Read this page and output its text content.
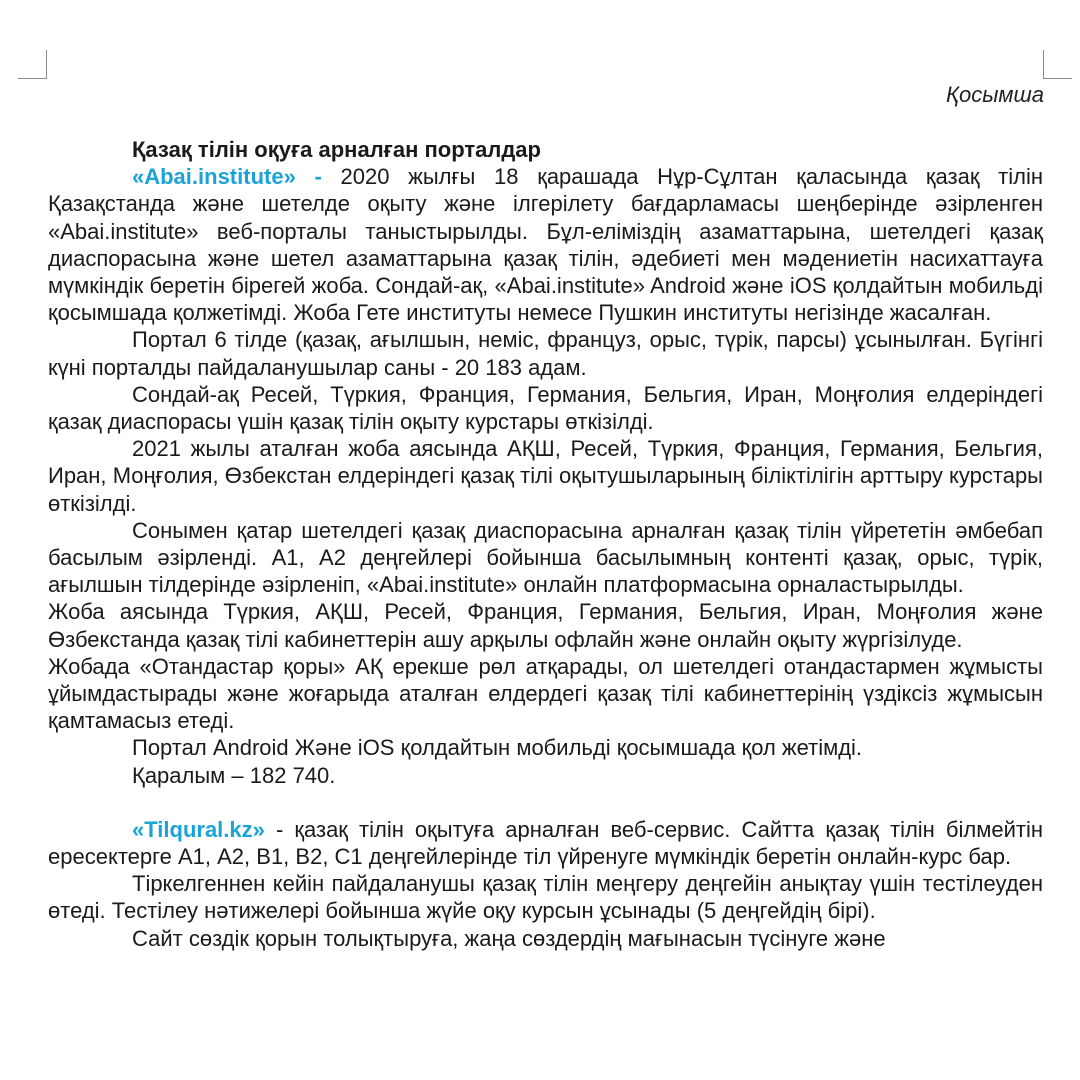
Қосымша
Қазақ тілін оқуға арналған порталдар

«Abai.institute» - 2020 жылғы 18 қарашада Нұр-Сұлтан қаласында қазақ тілін Қазақстанда және шетелде оқыту және ілгерілету бағдарламасы шеңберінде әзірленген «Abai.institute» веб-порталы таныстырылды. Бұл-еліміздің азаматтарына, шетелдегі қазақ диаспорасына және шетел азаматтарына қазақ тілін, әдебиеті мен мәдениетін насихаттауға мүмкіндік беретін бірегей жоба. Сондай-ақ, «Abai.institute» Android және iOS қолдайтын мобильді қосымшада қолжетімді. Жоба Гете институты немесе Пушкин институты негізінде жасалған.

Портал 6 тілде (қазақ, ағылшын, неміс, француз, орыс, түрік, парсы) ұсынылған. Бүгінгі күні порталды пайдаланушылар саны - 20 183 адам.

Сондай-ақ Ресей, Түркия, Франция, Германия, Бельгия, Иран, Моңғолия елдеріндегі қазақ диаспорасы үшін қазақ тілін оқыту курстары өткізілді.

2021 жылы аталған жоба аясында АҚШ, Ресей, Түркия, Франция, Германия, Бельгия, Иран, Моңғолия, Өзбекстан елдеріндегі қазақ тілі оқытушыларының біліктілігін арттыру курстары өткізілді.

Сонымен қатар шетелдегі қазақ диаспорасына арналған қазақ тілін үйрететін әмбебап басылым әзірленді. А1, А2 деңгейлері бойынша басылымның контенті қазақ, орыс, түрік, ағылшын тілдерінде әзірленіп, «Abai.institute» онлайн платформасына орналастырылды.

Жоба аясында Түркия, АҚШ, Ресей, Франция, Германия, Бельгия, Иран, Моңғолия және Өзбекстанда қазақ тілі кабинеттерін ашу арқылы офлайн және онлайн оқыту жүргізілуде.

Жобада «Отандастар қоры» АҚ ерекше рөл атқарады, ол шетелдегі отандастармен жұмысты ұйымдастырады және жоғарыда аталған елдердегі қазақ тілі кабинеттерінің үздіксіз жұмысын қамтамасыз етеді.

Портал Android Және iOS қолдайтын мобильді қосымшада қол жетімді.

Қаралым – 182 740.

«Tilqural.kz» - қазақ тілін оқытуға арналған веб-сервис. Сайтта қазақ тілін білмейтін ересектерге А1, А2, В1, В2, С1 деңгейлерінде тіл үйренуге мүмкіндік беретін онлайн-курс бар.

Тіркелгеннен кейін пайдаланушы қазақ тілін меңгеру деңгейін анықтау үшін тестілеуден өтеді. Тестілеу нәтижелері бойынша жүйе оқу курсын ұсынады (5 деңгейдің бірі).

Сайт сөздік қорын толықтыруға, жаңа сөздердің мағынасын түсінуге және
